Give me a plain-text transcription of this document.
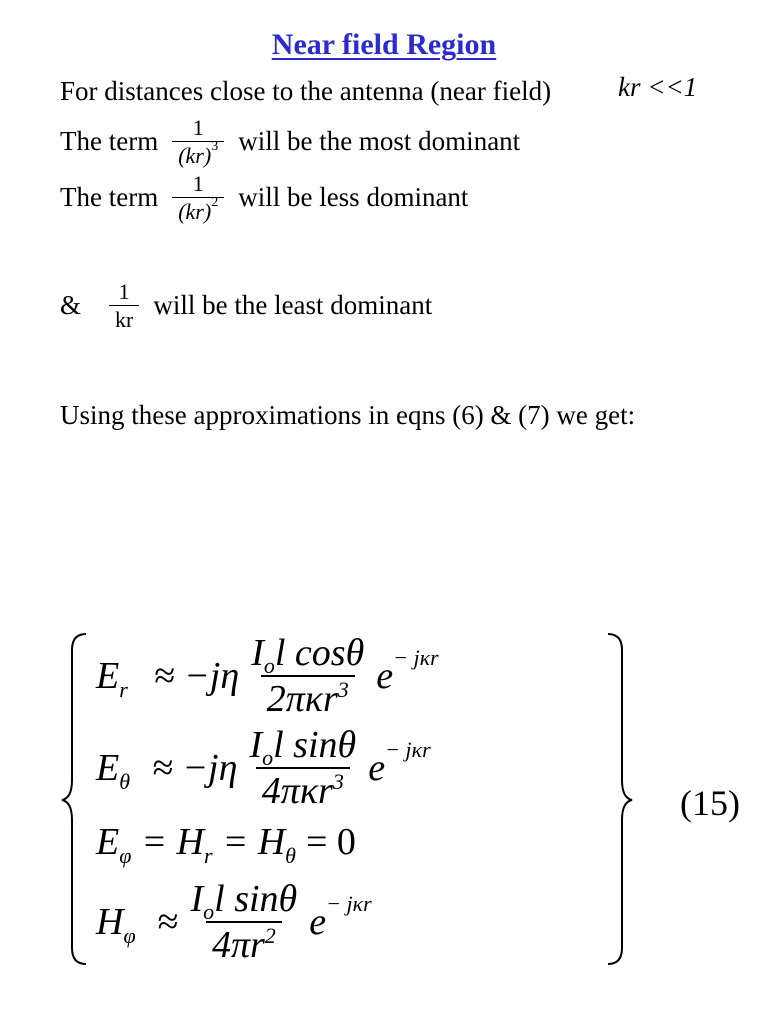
Near field Region
For distances close to the antenna (near field) kr <<1
The term $\frac{1}{(kr)^3}$ will be the most dominant
The term $\frac{1}{(kr)^2}$ will be less dominant
& $\frac{1}{kr}$ will be the least dominant
Using these approximations in eqns (6) & (7) we get:
E $r \approx -j\eta \frac{I_ol \cos\theta}{2\pi\kappa r^3}$ e − jκr
E $\theta \approx -j\eta \frac{I_ol \sin\theta}{4\pi\kappa r^3}$ e − jκr
E φ = H r = H θ = 0
H $\varphi \approx \frac{I_ol \sin\theta}{4\pi r^2}$ e − jκr
(15)
